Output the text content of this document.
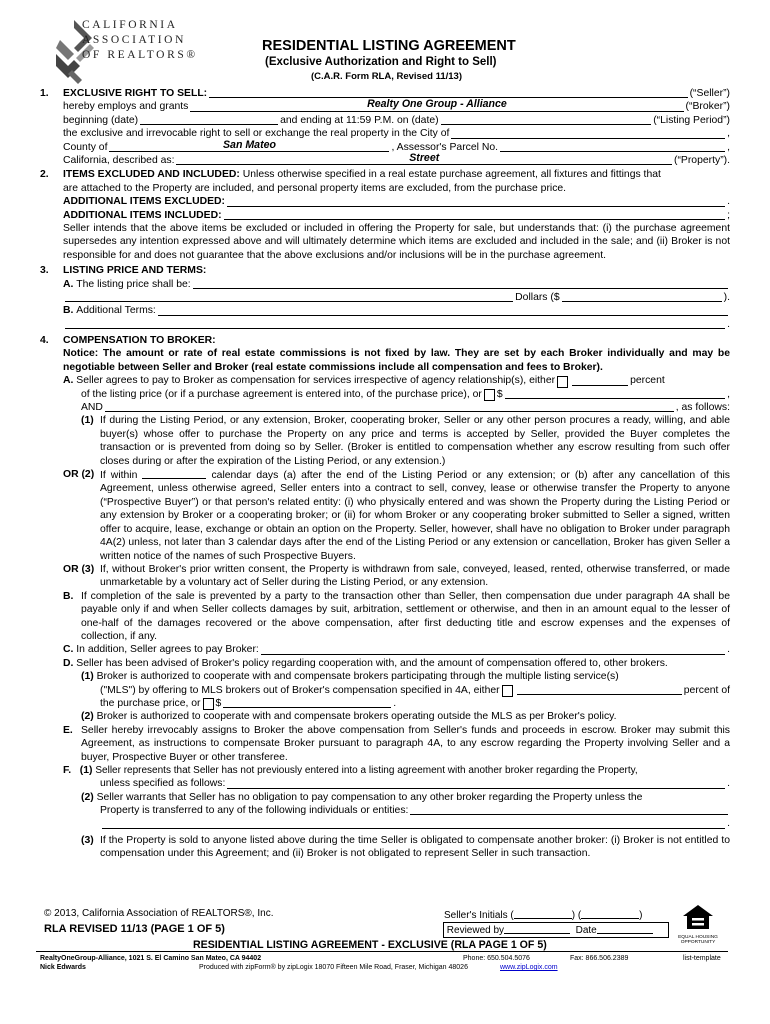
CALIFORNIA
ASSOCIATION
OF REALTORS®
RESIDENTIAL LISTING AGREEMENT
(Exclusive Authorization and Right to Sell)
(C.A.R. Form RLA, Revised 11/13)
1.	EXCLUSIVE RIGHT TO SELL:	(“Seller”)
hereby employs and grants	Realty One Group - Alliance	(“Broker”)
beginning (date)	and ending at 11:59 P.M. on (date)	(“Listing Period”)
the exclusive and irrevocable right to sell or exchange the real property in the City of	,
County of	San Mateo	, Assessor's Parcel No.	,
California, described as:	Street	(“Property”).
2.	ITEMS EXCLUDED AND INCLUDED:
Unless otherwise specified in a real estate purchase agreement, all fixtures and fittings that
are attached to the Property are included, and personal property items are excluded, from the purchase price.
ADDITIONAL ITEMS EXCLUDED:	.
ADDITIONAL ITEMS INCLUDED:	;
Seller intends that the above items be excluded or included in offering the Property for sale, but understands that: (i) the purchase agreement supersedes any intention expressed above and will ultimately determine which items are excluded and included in the sale; and (ii) Broker is not responsible for and does not guarantee that the above exclusions and/or inclusions will be in the purchase agreement.
3.	LISTING PRICE AND TERMS:
A.
The listing price shall be:
Dollars ($	).
B.
Additional Terms:
.
4.	COMPENSATION TO BROKER:
Notice: The amount or rate of real estate commissions is not fixed by law. They are set by each Broker individually and may be negotiable between Seller and Broker (real estate commissions include all compensation and fees to Broker).
A.
Seller agrees to pay to Broker as compensation for services irrespective of agency relationship(s), either	percent
of the listing price (or if a purchase agreement is entered into, of the purchase price), or $	,
AND	, as follows:
(1) If during the Listing Period, or any extension, Broker, cooperating broker, Seller or any other person procures a ready, willing, and able buyer(s) whose offer to purchase the Property on any price and terms is accepted by Seller, provided the Buyer completes the transaction or is prevented from doing so by Seller. (Broker is entitled to compensation whether any escrow resulting from such offer closes during or after the expiration of the Listing Period, or any extension.)
OR (2) If within	calendar days (a) after the end of the Listing Period or any extension; or (b) after any cancellation of this Agreement, unless otherwise agreed, Seller enters into a contract to sell, convey, lease or otherwise transfer the Property to anyone (“Prospective Buyer”) or that person's related entity: (i) who physically entered and was shown the Property during the Listing Period or any extension by Broker or a cooperating broker; or (ii) for whom Broker or any cooperating broker submitted to Seller a signed, written offer to acquire, lease, exchange or obtain an option on the Property. Seller, however, shall have no obligation to Broker under paragraph 4A(2) unless, not later than 3 calendar days after the end of the Listing Period or any extension or cancellation, Broker has given Seller a written notice of the names of such Prospective Buyers.
OR (3) If, without Broker's prior written consent, the Property is withdrawn from sale, conveyed, leased, rented, otherwise transferred, or made unmarketable by a voluntary act of Seller during the Listing Period, or any extension.
B. If completion of the sale is prevented by a party to the transaction other than Seller, then compensation due under paragraph 4A shall be payable only if and when Seller collects damages by suit, arbitration, settlement or otherwise, and then in an amount equal to the lesser of one-half of the damages recovered or the above compensation, after first deducting title and escrow expenses and the expenses of collection, if any.
C.
In addition, Seller agrees to pay Broker:	.
D.
Seller has been advised of Broker's policy regarding cooperation with, and the amount of compensation offered to, other brokers.
(1)
Broker is authorized to cooperate with and compensate brokers participating through the multiple listing service(s)
("MLS") by offering to MLS brokers out of Broker's compensation specified in 4A, either	percent of
the purchase price, or $	.
(2)
Broker is authorized to cooperate with and compensate brokers operating outside the MLS as per Broker's policy.
E. Seller hereby irrevocably assigns to Broker the above compensation from Seller's funds and proceeds in escrow. Broker may submit this Agreement, as instructions to compensate Broker pursuant to paragraph 4A, to any escrow regarding the Property involving Seller and a buyer, Prospective Buyer or other transferee.
F.
(1)
Seller represents that Seller has not previously entered into a listing agreement with another broker regarding the Property,
unless specified as follows:	.
(2)
Seller warrants that Seller has no obligation to pay compensation to any other broker regarding the Property unless the
Property is transferred to any of the following individuals or entities:
.
(3) If the Property is sold to anyone listed above during the time Seller is obligated to compensate another broker: (i) Broker is not entitled to compensation under this Agreement; and (ii) Broker is not obligated to represent Seller in such transaction.
© 2013, California Association of REALTORS®, Inc.	Seller's Initials (	) (	)
RLA REVISED 11/13 (PAGE 1 OF 5)	Reviewed by	Date
EQUAL HOUSING OPPORTUNITY
RESIDENTIAL LISTING AGREEMENT - EXCLUSIVE (RLA PAGE 1 OF 5)
RealtyOneGroup-Alliance, 1021 S. El Camino San Mateo, CA 94402	Phone: 650.504.5076	Fax: 866.506.2389	list-template
Nick Edwards	Produced with zipForm® by zipLogix 18070 Fifteen Mile Road, Fraser, Michigan 48026	www.zipLogix.com
